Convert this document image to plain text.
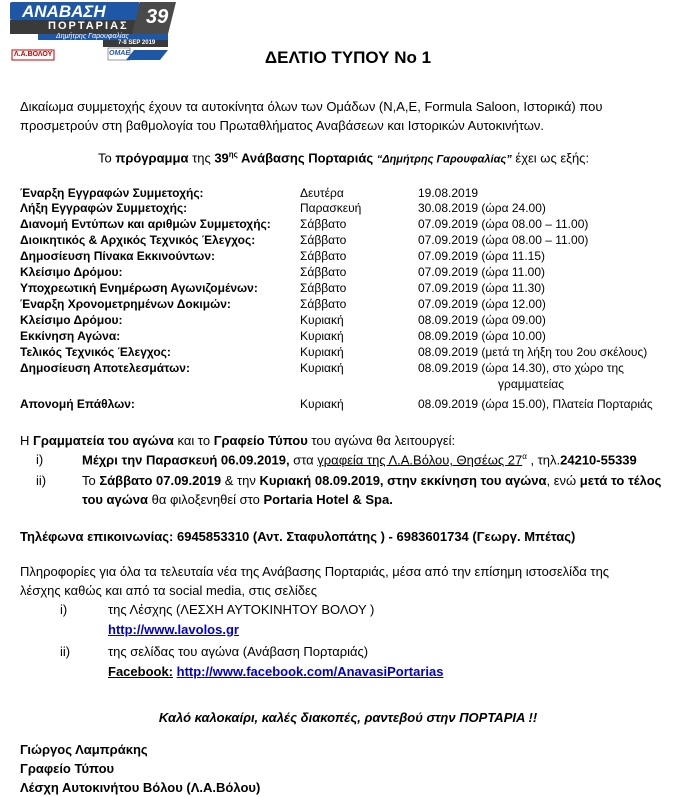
ΑΝΑΒΑΣΗ
ΠΟΡΤΑΡΙΑΣ 39
Δημήτρης Γαρουφαλίας
7-8 SEP 2019
Λ.Α.ΒΟΛΟΥ	OMAE	ΔΕΛΤΙΟ ΤΥΠΟΥ Νο 1
Δικαίωμα συμμετοχής έχουν τα αυτοκίνητα όλων των Ομάδων (N,A,E, Formula Saloon, Ιστορικά) που
προσμετρούν στη βαθμολογία του Πρωταθλήματος Αναβάσεων και Ιστορικών Αυτοκινήτων.
Το πρόγραμμα της $39^{\eta\varsigma}$ Ανάβασης Πορταριάς “Δημήτρης Γαρουφαλίας” έχει ως εξής:
Έναρξη Εγγραφών Συμμετοχής:	Δευτέρα	19.08.2019
Λήξη Εγγραφών Συμμετοχής:	Παρασκευή	30.08.2019 (ώρα 24.00)
Διανομή Εντύπων και αριθμών Συμμετοχής: Σάββατο	07.09.2019 (ώρα 08.00 – 11.00)
Διοικητικός & Αρχικός Τεχνικός Έλεγχος:	Σάββατο	07.09.2019 (ώρα 08.00 – 11.00)
Δημοσίευση Πίνακα Εκκινούντων:	Σάββατο	07.09.2019 (ώρα 11.15)
Κλείσιμο Δρόμου:	Σάββατο	07.09.2019 (ώρα 11.00)
Υποχρεωτική Ενημέρωση Αγωνιζομένων:	Σάββατο	07.09.2019 (ώρα 11.30)
Έναρξη Χρονομετρημένων Δοκιμών:	Σάββατο	07.09.2019 (ώρα 12.00)
Κλείσιμο Δρόμου:	Κυριακή	08.09.2019 (ώρα 09.00)
Εκκίνηση Αγώνα:	Κυριακή	08.09.2019 (ώρα 10.00)
Τελικός Τεχνικός Έλεγχος:	Κυριακή	08.09.2019 (μετά τη λήξη του 2ου σκέλους)
Δημοσίευση Αποτελεσμάτων:	Κυριακή	08.09.2019 (ώρα 14.30), στο χώρο της
γραμματείας
Απονομή Επάθλων:	Κυριακή	08.09.2019 (ώρα 15.00), Πλατεία Πορταριάς
Η Γραμματεία του αγώνα και το Γραφείο Τύπου του αγώνα θα λειτουργεί:
i)	Μέχρι την Παρασκευή 06.09.2019, στα γραφεία της Λ.Α.Βόλου, Θησέως $27^\alpha$ , τηλ.24210-55339
ii)	Το Σάββατο 07.09.2019 & την Κυριακή 08.09.2019, στην εκκίνηση του αγώνα, ενώ μετά το τέλος
του αγώνα θα φιλοξενηθεί στο Portaria Hotel & Spa.
Τηλέφωνα επικοινωνίας: 6945853310 (Αντ. Σταφυλοπάτης ) - 6983601734 (Γεωργ. Μπέτας)
Πληροφορίες για όλα τα τελευταία νέα της Ανάβασης Πορταριάς, μέσα από την επίσημη ιστοσελίδα της
λέσχης καθώς και από τα social media, στις σελίδες
i)	της Λέσχης (ΛΕΣΧΗ ΑΥΤΟΚΙΝΗΤΟΥ ΒΟΛΟΥ )
http://www.lavolos.gr
ii)	της σελίδας του αγώνα (Ανάβαση Πορταριάς)
Facebook: http://www.facebook.com/AnavasiPortarias
Καλό καλοκαίρι, καλές διακοπές, ραντεβού στην ΠΟΡΤΑΡΙΑ !!
Γιώργος Λαμπράκης
Γραφείο Τύπου
Λέσχη Αυτοκινήτου Βόλου (Λ.Α.Βόλου)
